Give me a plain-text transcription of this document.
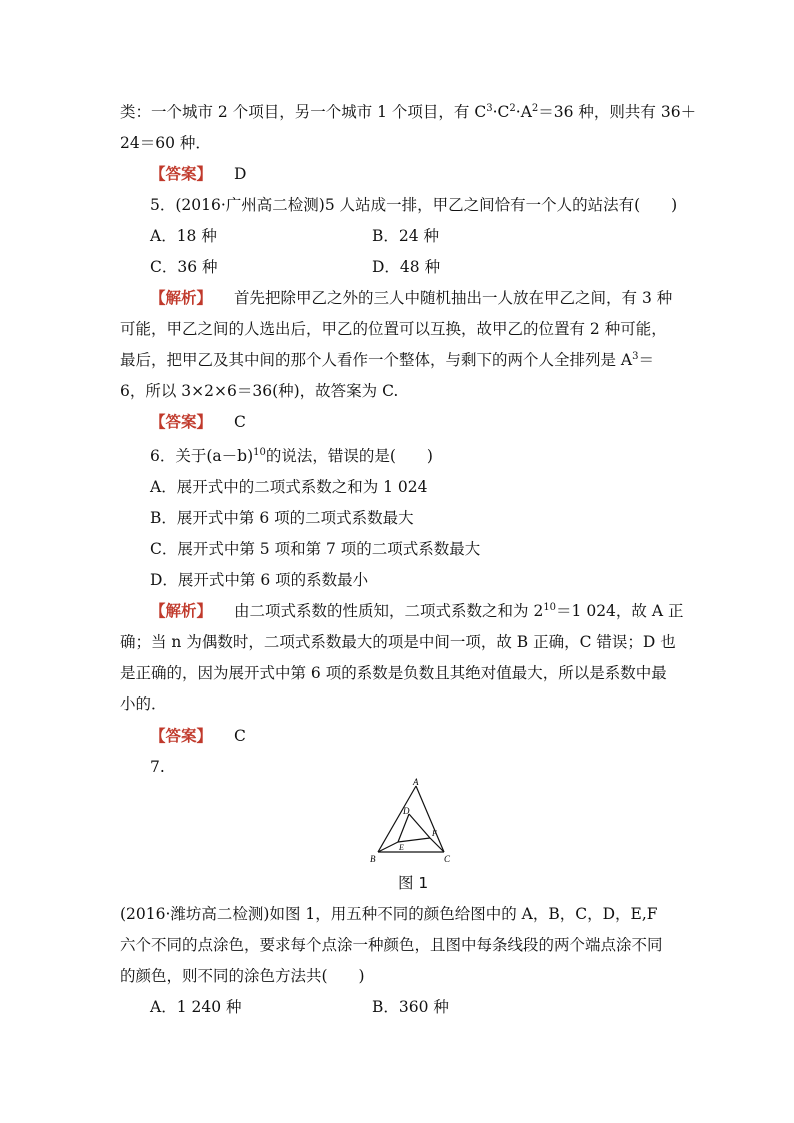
类：一个城市 2 个项目，另一个城市 1 个项目，有 $C^3\cdot C^2\cdot A^2=36$ 种，则共有 36＋
24＝60 种．
【答案】 D
5．(2016·广州高二检测)5 人站成一排，甲乙之间恰有一个人的站法有(　　)
A．18 种	B．24 种
C．36 种	D．48 种
【解析】 首先把除甲乙之外的三人中随机抽出一人放在甲乙之间，有 3 种
可能，甲乙之间的人选出后，甲乙的位置可以互换，故甲乙的位置有 2 种可能，
最后，把甲乙及其中间的那个人看作一个整体，与剩下的两个人全排列是 $A^3=$
6，所以 3×2×6＝36(种)，故答案为 C.
【答案】 C
6．关于$(a-b)^{10}$的说法，错误的是(　　)
A．展开式中的二项式系数之和为 1 024
B．展开式中第 6 项的二项式系数最大
C．展开式中第 5 项和第 7 项的二项式系数最大
D．展开式中第 6 项的系数最小
【解析】 由二项式系数的性质知，二项式系数之和为 $2^{10}=1$ 024，故 A 正
确；当 n 为偶数时，二项式系数最大的项是中间一项，故 B 正确，C 错误；D 也
是正确的，因为展开式中第 6 项的系数是负数且其绝对值最大，所以是系数中最
小的．
【答案】 C
7.
A
B	C
D
E
F
图 1
(2016·潍坊高二检测)如图 1，用五种不同的颜色给图中的 A，B，C，D，E,F
六个不同的点涂色，要求每个点涂一种颜色，且图中每条线段的两个端点涂不同
的颜色，则不同的涂色方法共(　　)
A．1 240 种	B．360 种
